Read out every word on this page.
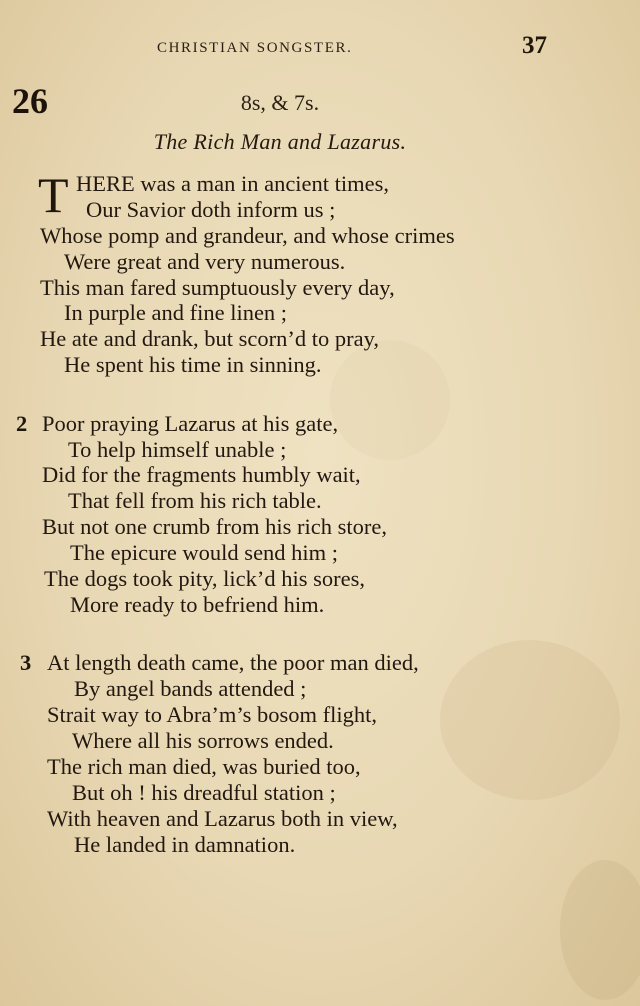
CHRISTIAN SONGSTER.	37
26	8s, & 7s.
The Rich Man and Lazarus.
T HERE was a man in ancient times,
Our Savior doth inform us ;
Whose pomp and grandeur, and whose crimes
Were great and very numerous.
This man fared sumptuously every day,
In purple and fine linen ;
He ate and drank, but scorn’d to pray,
He spent his time in sinning.
2 Poor praying Lazarus at his gate,
To help himself unable ;
Did for the fragments humbly wait,
That fell from his rich table.
But not one crumb from his rich store,
The epicure would send him ;
The dogs took pity, lick’d his sores,
More ready to befriend him.
3 At length death came, the poor man died,
By angel bands attended ;
Strait way to Abra’m’s bosom flight,
Where all his sorrows ended.
The rich man died, was buried too,
But oh ! his dreadful station ;
With heaven and Lazarus both in view,
He landed in damnation.
